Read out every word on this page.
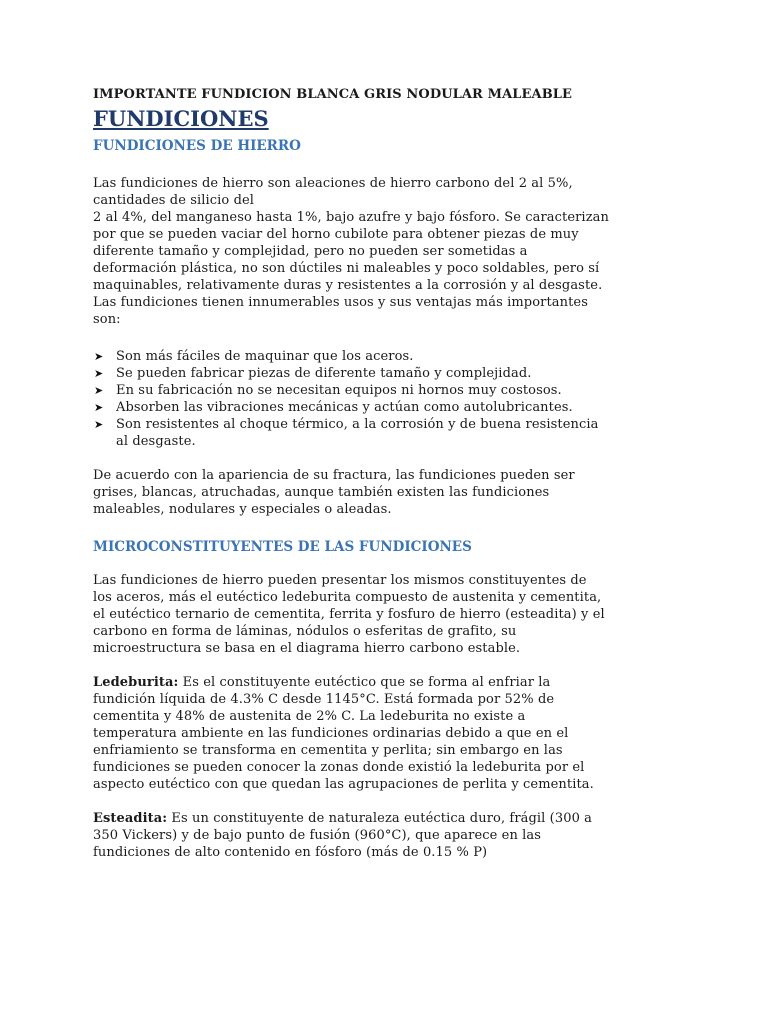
IMPORTANTE FUNDICION BLANCA GRIS NODULAR MALEABLE

FUNDICIONES
FUNDICIONES DE HIERRO
Las fundiciones de hierro son aleaciones de hierro carbono del 2 al 5%,
cantidades de silicio del
2 al 4%, del manganeso hasta 1%, bajo azufre y bajo fósforo. Se caracterizan
por que se pueden vaciar del horno cubilote para obtener piezas de muy
diferente tamaño y complejidad, pero no pueden ser sometidas a
deformación plástica, no son dúctiles ni maleables y poco soldables, pero sí
maquinables, relativamente duras y resistentes a la corrosión y al desgaste.
Las fundiciones tienen innumerables usos y sus ventajas más importantes
son:
➤ Son más fáciles de maquinar que los aceros.
➤ Se pueden fabricar piezas de diferente tamaño y complejidad.
➤ En su fabricación no se necesitan equipos ni hornos muy costosos.
➤ Absorben las vibraciones mecánicas y actúan como autolubricantes.
➤ Son resistentes al choque térmico, a la corrosión y de buena resistencia
al desgaste.
De acuerdo con la apariencia de su fractura, las fundiciones pueden ser
grises, blancas, atruchadas, aunque también existen las fundiciones
maleables, nodulares y especiales o aleadas.
MICROCONSTITUYENTES DE LAS FUNDICIONES
Las fundiciones de hierro pueden presentar los mismos constituyentes de
los aceros, más el eutéctico ledeburita compuesto de austenita y cementita,
el eutéctico ternario de cementita, ferrita y fosfuro de hierro (esteadita) y el
carbono en forma de láminas, nódulos o esferitas de grafito, su
microestructura se basa en el diagrama hierro carbono estable.
Ledeburita: Es el constituyente eutéctico que se forma al enfriar la
fundición líquida de 4.3% C desde 1145°C. Está formada por 52% de
cementita y 48% de austenita de 2% C. La ledeburita no existe a
temperatura ambiente en las fundiciones ordinarias debido a que en el
enfriamiento se transforma en cementita y perlita; sin embargo en las
fundiciones se pueden conocer la zonas donde existió la ledeburita por el
aspecto eutéctico con que quedan las agrupaciones de perlita y cementita.
Esteadita: Es un constituyente de naturaleza eutéctica duro, frágil (300 a
350 Vickers) y de bajo punto de fusión (960°C), que aparece en las
fundiciones de alto contenido en fósforo (más de 0.15 % P)
